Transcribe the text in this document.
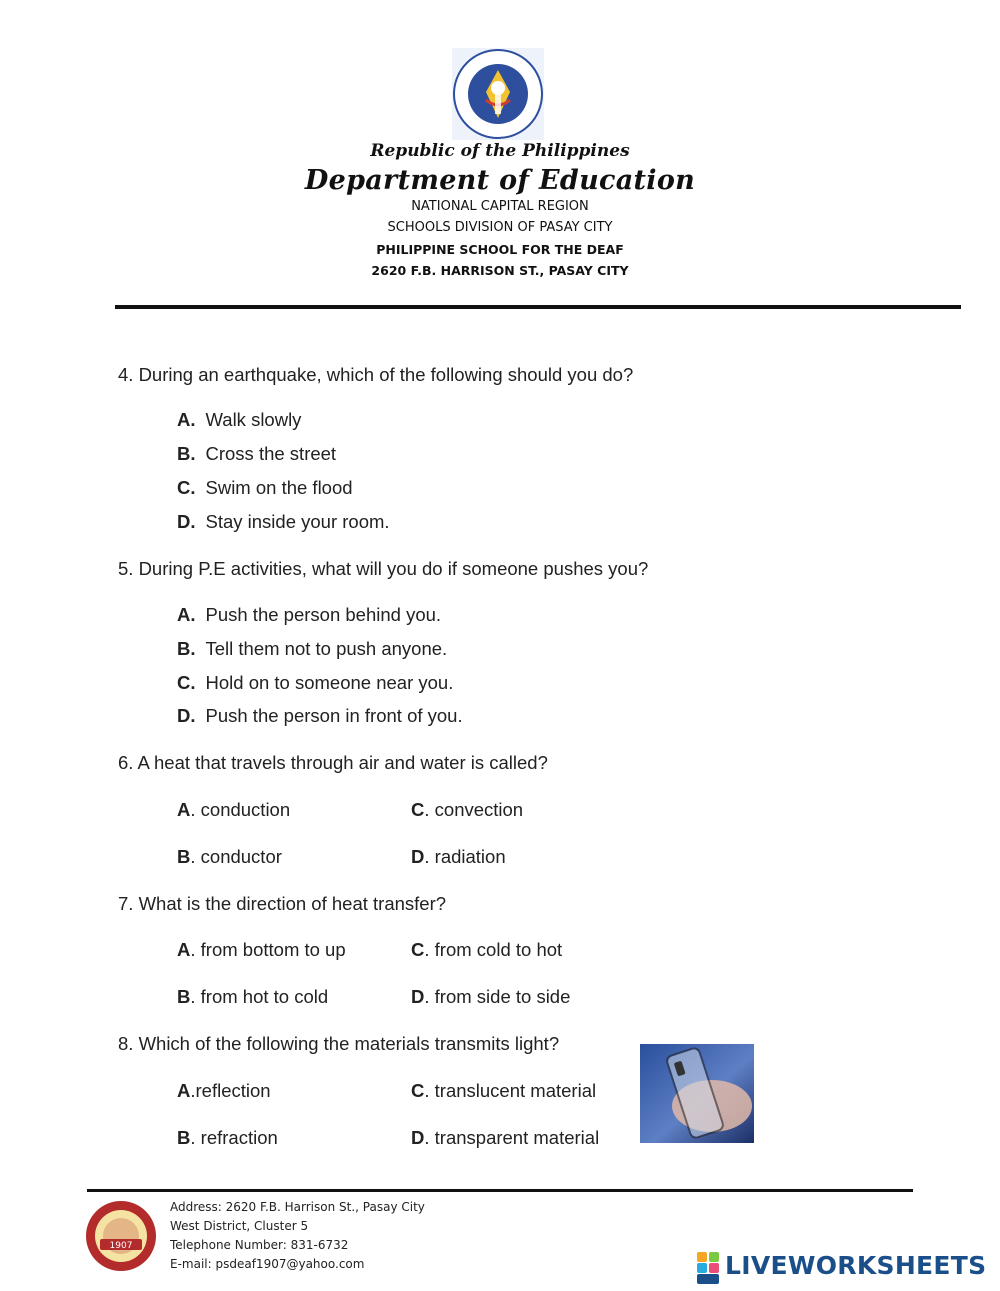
Republic of the Philippines
Department of Education
NATIONAL CAPITAL REGION
SCHOOLS DIVISION OF PASAY CITY
PHILIPPINE SCHOOL FOR THE DEAF
2620 F.B. HARRISON ST., PASAY CITY
4. During an earthquake, which of the following should you do?
A. Walk slowly
B. Cross the street
C. Swim on the flood
D. Stay inside your room.
5. During P.E activities, what will you do if someone pushes you?
A. Push the person behind you.
B. Tell them not to push anyone.
C. Hold on to someone near you.
D. Push the person in front of you.
6. A heat that travels through air and water is called?
A. conduction	C. convection
B. conductor	D. radiation
7. What is the direction of heat transfer?
A. from bottom to up	C. from cold to hot
B. from hot to cold	D. from side to side
8. Which of the following the materials transmits light?
A.reflection	C. translucent material
B. refraction	D. transparent material
1907
Address: 2620 F.B. Harrison St., Pasay City
West District, Cluster 5
Telephone Number: 831-6732
E-mail: psdeaf1907@yahoo.com	LIVEWORKSHEETS
